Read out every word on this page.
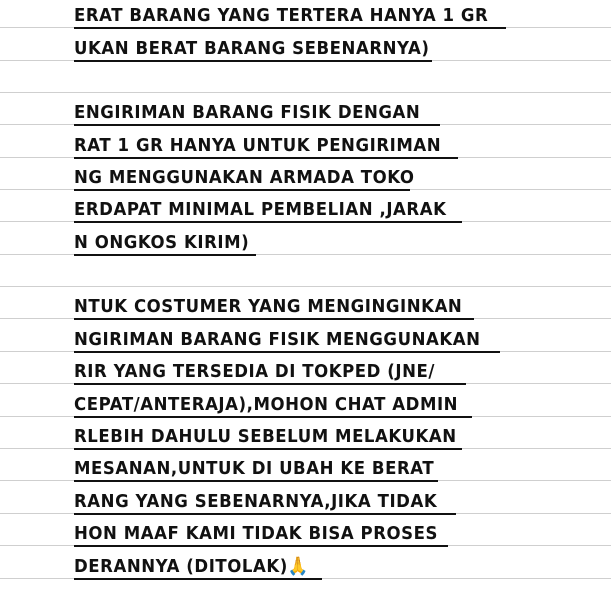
ERAT BARANG YANG TERTERA HANYA 1 GR
UKAN BERAT BARANG SEBENARNYA)
ENGIRIMAN BARANG FISIK DENGAN
RAT 1 GR HANYA UNTUK PENGIRIMAN
NG MENGGUNAKAN ARMADA TOKO
ERDAPAT MINIMAL PEMBELIAN ,JARAK
N ONGKOS KIRIM)
NTUK COSTUMER YANG MENGINGINKAN
NGIRIMAN BARANG FISIK MENGGUNAKAN
RIR YANG TERSEDIA DI TOKPED (JNE/
CEPAT/ANTERAJA),MOHON CHAT ADMIN
RLEBIH DAHULU SEBELUM MELAKUKAN
MESANAN,UNTUK DI UBAH KE BERAT
RANG YANG SEBENARNYA,JIKA TIDAK
HON MAAF KAMI TIDAK BISA PROSES
DERANNYA (DITOLAK)🙏
